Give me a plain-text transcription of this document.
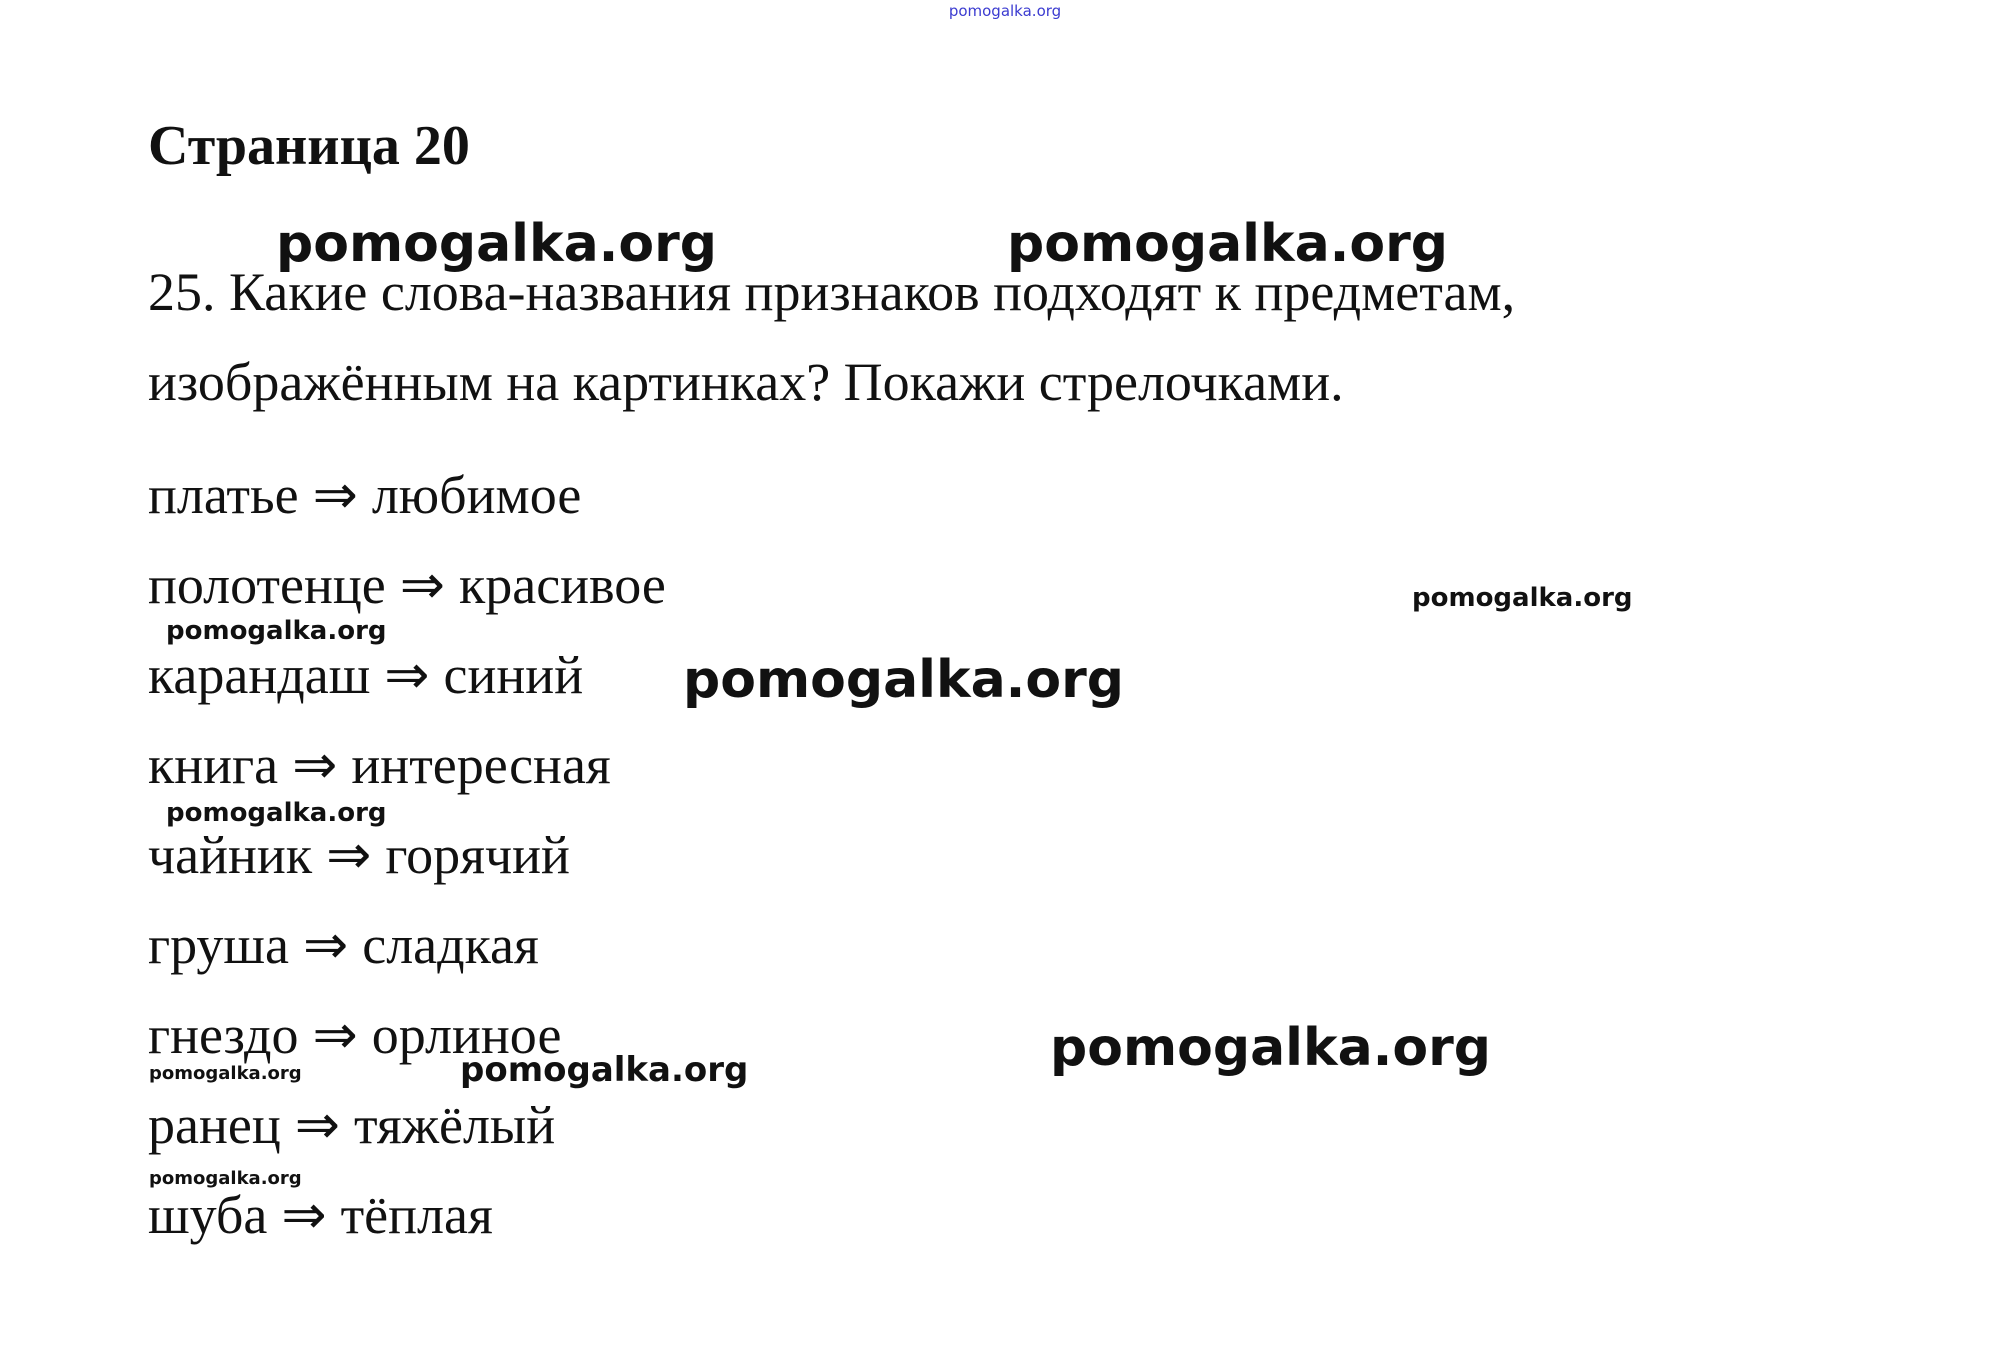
pomogalka.org
Страница 20
25. Какие слова-названия признаков подходят к предметам,
изображённым на картинках? Покажи стрелочками.
платье ⇒ любимое
полотенце ⇒ красивое
карандаш ⇒ синий
книга ⇒ интересная
чайник ⇒ горячий
груша ⇒ сладкая
гнездо ⇒ орлиное
ранец ⇒ тяжёлый
шуба ⇒ тёплая
pomogalka.org	pomogalka.org
pomogalka.org
pomogalka.org
pomogalka.org
pomogalka.org
pomogalka.org
pomogalka.org
pomogalka.org
pomogalka.org
